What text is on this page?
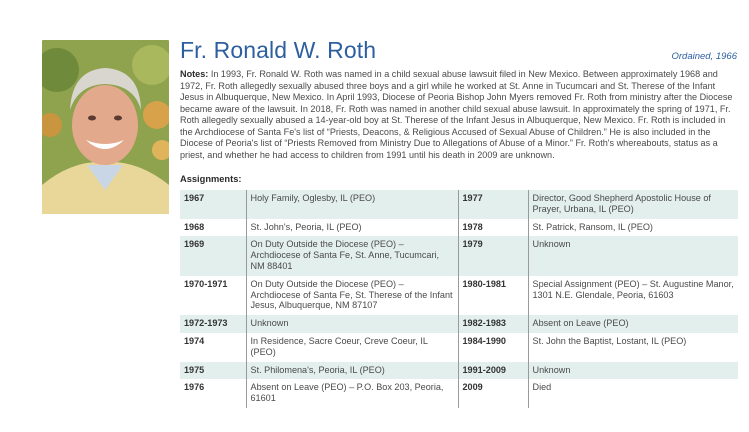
Fr. Ronald W. Roth	Ordained, 1966
Notes: In 1993, Fr. Ronald W. Roth was named in a child sexual abuse lawsuit filed in New Mexico. Between approximately 1968 and 1972, Fr. Roth allegedly sexually abused three boys and a girl while he worked at St. Anne in Tucumcari and St. Therese of the Infant Jesus in Albuquerque, New Mexico. In April 1993, Diocese of Peoria Bishop John Myers removed Fr. Roth from ministry after the Diocese became aware of the lawsuit. In 2018, Fr. Roth was named in another child sexual abuse lawsuit. In approximately the spring of 1971, Fr. Roth allegedly sexually abused a 14-year-old boy at St. Therese of the Infant Jesus in Albuquerque, New Mexico. Fr. Roth is included in the Archdiocese of Santa Fe's list of “Priests, Deacons, & Religious Accused of Sexual Abuse of Children.” He is also included in the Diocese of Peoria's list of “Priests Removed from Ministry Due to Allegations of Abuse of a Minor.” Fr. Roth's whereabouts, status as a priest, and whether he had access to children from 1991 until his death in 2009 are unknown.
Assignments:
1967	Holy Family, Oglesby, IL (PEO)	1977	Director, Good Shepherd Apostolic House of Prayer, Urbana, IL (PEO)
1968	St. John's, Peoria, IL (PEO)	1978	St. Patrick, Ransom, IL (PEO)
1969	On Duty Outside the Diocese (PEO) – Archdiocese of Santa Fe, St. Anne, Tucumcari, NM 88401	1979	Unknown
1970-1971	On Duty Outside the Diocese (PEO) – Archdiocese of Santa Fe, St. Therese of the Infant Jesus, Albuquerque, NM 87107	1980-1981	Special Assignment (PEO) – St. Augustine Manor, 1301 N.E. Glendale, Peoria, 61603
1972-1973	Unknown	1982-1983	Absent on Leave (PEO)
1974	In Residence, Sacre Coeur, Creve Coeur, IL (PEO)	1984-1990	St. John the Baptist, Lostant, IL (PEO)
1975	St. Philomena's, Peoria, IL (PEO)	1991-2009	Unknown
1976	Absent on Leave (PEO) – P.O. Box 203, Peoria, 61601	2009	Died
